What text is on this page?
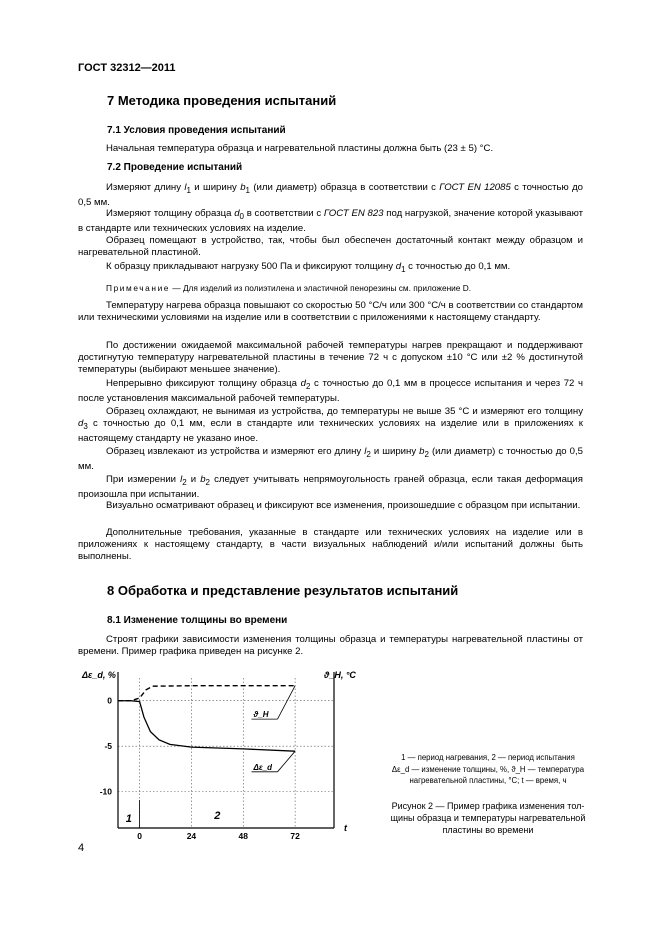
ГОСТ 32312—2011
7 Методика проведения испытаний
7.1 Условия проведения испытаний
Начальная температура образца и нагревательной пластины должна быть (23 ± 5) °С.
7.2 Проведение испытаний
Измеряют длину $l_1$ и ширину $b_1$ (или диаметр) образца в соответствии с ГОСТ EN 12085 с точностью до 0,5 мм.
Измеряют толщину образца $d_0$ в соответствии с ГОСТ EN 823 под нагрузкой, значение которой указывают в стандарте или технических условиях на изделие.
Образец помещают в устройство, так, чтобы был обеспечен достаточный контакт между образцом и нагревательной пластиной.
К образцу прикладывают нагрузку 500 Па и фиксируют толщину $d_1$ с точностью до 0,1 мм.
Примечание — Для изделий из полиэтилена и эластичной пенорезины см. приложение D.
Температуру нагрева образца повышают со скоростью 50 °С/ч или 300 °С/ч в соответствии со стандартом или техническими условиями на изделие или в соответствии с приложениями к настоящему стандарту.
По достижении ожидаемой максимальной рабочей температуры нагрев прекращают и поддерживают достигнутую температуру нагревательной пластины в течение 72 ч с допуском ±10 °С или ±2 % достигнутой температуры (выбирают меньшее значение).
Непрерывно фиксируют толщину образца $d_2$ с точностью до 0,1 мм в процессе испытания и через 72 ч после установления максимальной рабочей температуры.
Образец охлаждают, не вынимая из устройства, до температуры не выше 35 °С и измеряют его толщину $d_3$ с точностью до 0,1 мм, если в стандарте или технических условиях на изделие или в приложениях к настоящему стандарту не указано иное.
Образец извлекают из устройства и измеряют его длину $l_2$ и ширину $b_2$ (или диаметр) с точностью до 0,5 мм.
При измерении $l_2$ и $b_2$ следует учитывать непрямоугольность граней образца, если такая деформация произошла при испытании.
Визуально осматривают образец и фиксируют все изменения, произошедшие с образцом при испытании.
Дополнительные требования, указанные в стандарте или технических условиях на изделие или в приложениях к настоящему стандарту, в части визуальных наблюдений и/или испытаний должны быть выполнены.
8 Обработка и представление результатов испытаний
8.1 Изменение толщины во времени
Строят графики зависимости изменения толщины образца и температуры нагревательной пластины от времени. Пример графика приведен на рисунке 2.
Δε_d, %	ϑ_H, °C
t
0	24	48	72
0
-5
-10
1	2
ϑ_H
Δε_d
1 — период нагревания, 2 — период испытания
Δε_d — изменение толщины, %, ϑ_H — температура
нагревательной пластины, °С; t — время, ч
Рисунок 2 — Пример графика изменения тол-
щины образца и температуры нагревательной
пластины во времени
4
